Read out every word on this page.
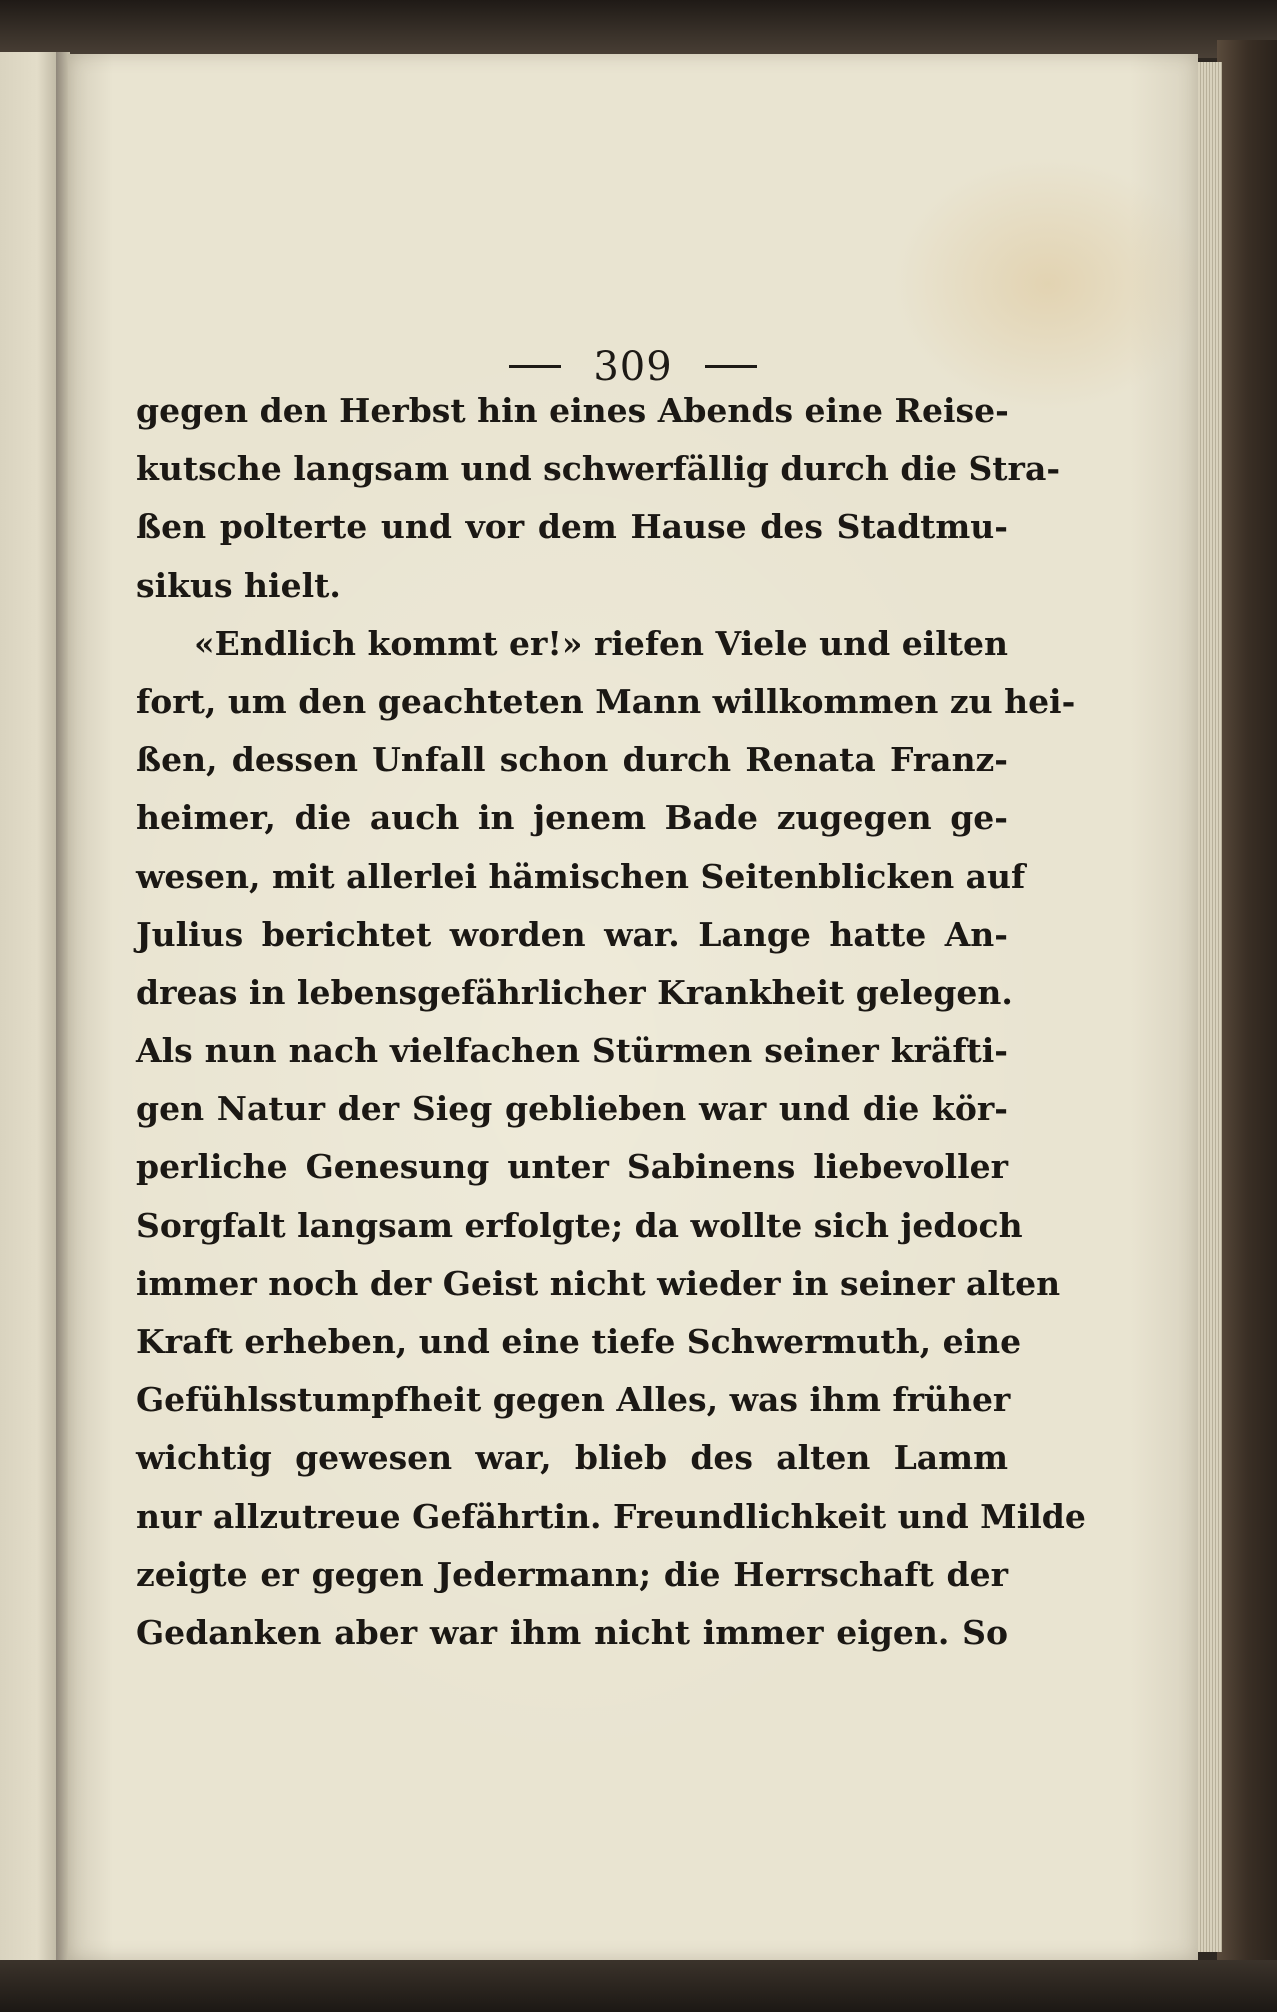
309
gegen den Herbst hin eines Abends eine Reise-
kutsche langsam und schwerfällig durch die Stra-
ßen polterte und vor dem Hause des Stadtmu-
sikus hielt.
«Endlich kommt er!» riefen Viele und eilten
fort, um den geachteten Mann willkommen zu hei-
ßen, dessen Unfall schon durch Renata Franz-
heimer, die auch in jenem Bade zugegen ge-
wesen, mit allerlei hämischen Seitenblicken auf
Julius berichtet worden war. Lange hatte An-
dreas in lebensgefährlicher Krankheit gelegen.
Als nun nach vielfachen Stürmen seiner kräfti-
gen Natur der Sieg geblieben war und die kör-
perliche Genesung unter Sabinens liebevoller
Sorgfalt langsam erfolgte; da wollte sich jedoch
immer noch der Geist nicht wieder in seiner alten
Kraft erheben, und eine tiefe Schwermuth, eine
Gefühlsstumpfheit gegen Alles, was ihm früher
wichtig gewesen war, blieb des alten Lamm
nur allzutreue Gefährtin. Freundlichkeit und Milde
zeigte er gegen Jedermann; die Herrschaft der
Gedanken aber war ihm nicht immer eigen. So
